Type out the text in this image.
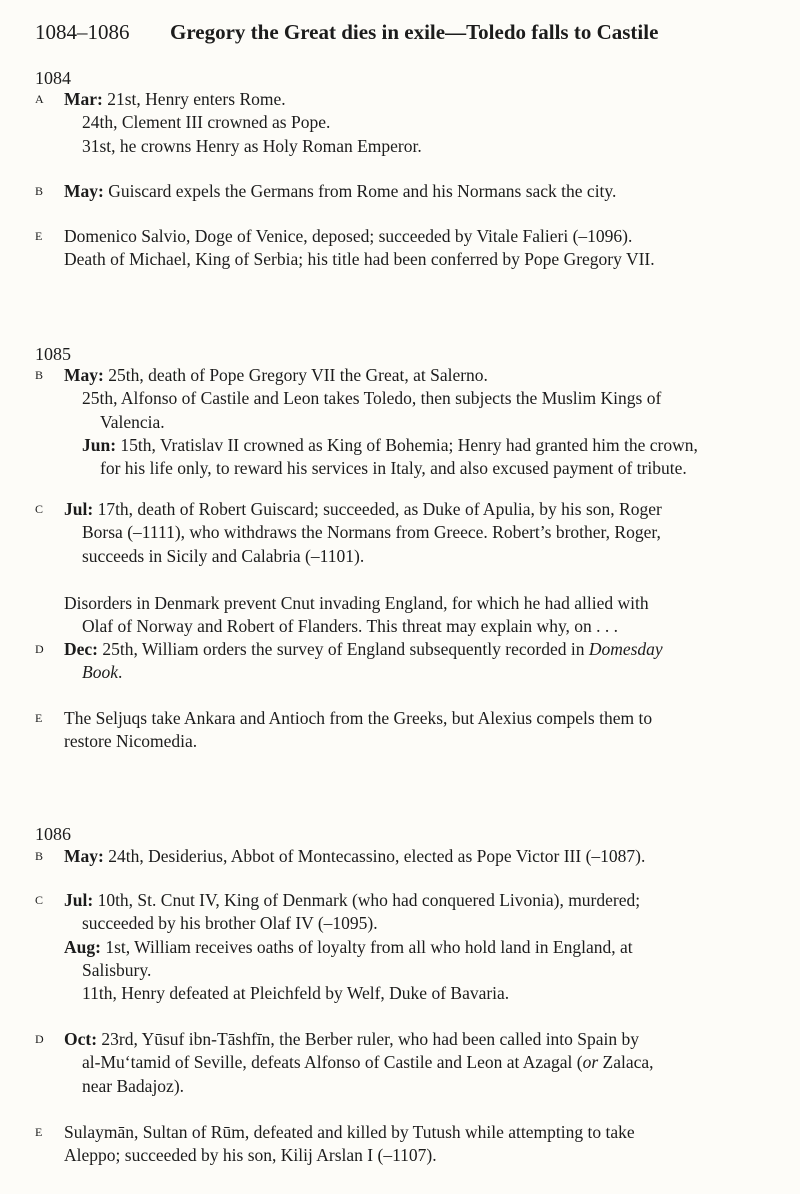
1084–1086 Gregory the Great dies in exile—Toledo falls to Castile
1084
A	Mar: 21st, Henry enters Rome.
24th, Clement III crowned as Pope.
31st, he crowns Henry as Holy Roman Emperor.
B	May: Guiscard expels the Germans from Rome and his Normans sack the city.
E	Domenico Salvio, Doge of Venice, deposed; succeeded by Vitale Falieri (–1096).
Death of Michael, King of Serbia; his title had been conferred by Pope Gregory VII.
1085
B	May: 25th, death of Pope Gregory VII the Great, at Salerno.
25th, Alfonso of Castile and Leon takes Toledo, then subjects the Muslim Kings of
Valencia.
Jun: 15th, Vratislav II crowned as King of Bohemia; Henry had granted him the crown,
for his life only, to reward his services in Italy, and also excused payment of tribute.
C	Jul: 17th, death of Robert Guiscard; succeeded, as Duke of Apulia, by his son, Roger
Borsa (–1111), who withdraws the Normans from Greece. Robert’s brother, Roger,
succeeds in Sicily and Calabria (–1101).
Disorders in Denmark prevent Cnut invading England, for which he had allied with
Olaf of Norway and Robert of Flanders. This threat may explain why, on . . .
D	Dec: 25th, William orders the survey of England subsequently recorded in Domesday
Book.
E	The Seljuqs take Ankara and Antioch from the Greeks, but Alexius compels them to
restore Nicomedia.
1086
B	May: 24th, Desiderius, Abbot of Montecassino, elected as Pope Victor III (–1087).
C	Jul: 10th, St. Cnut IV, King of Denmark (who had conquered Livonia), murdered;
succeeded by his brother Olaf IV (–1095).
Aug: 1st, William receives oaths of loyalty from all who hold land in England, at
Salisbury.
11th, Henry defeated at Pleichfeld by Welf, Duke of Bavaria.
D	Oct: 23rd, Yūsuf ibn-Tāshfīn, the Berber ruler, who had been called into Spain by
al-Mu‘tamid of Seville, defeats Alfonso of Castile and Leon at Azagal (or Zalaca,
near Badajoz).
E	Sulaymān, Sultan of Rūm, defeated and killed by Tutush while attempting to take
Aleppo; succeeded by his son, Kilij Arslan I (–1107).
